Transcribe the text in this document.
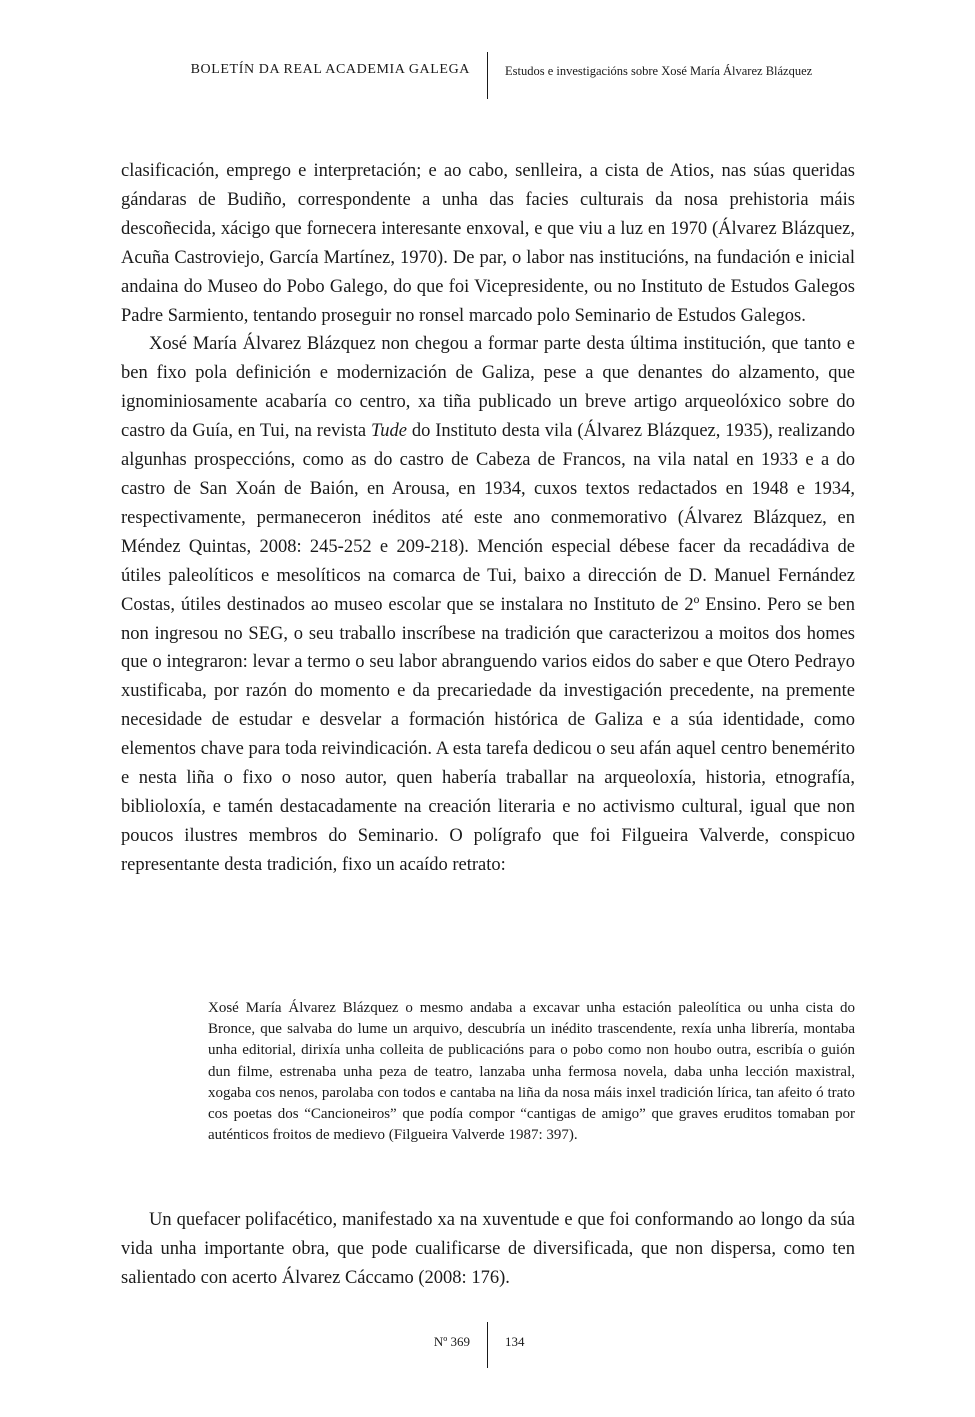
BOLETÍN DA REAL ACADEMIA GALEGA	Estudos e investigacións sobre Xosé María Álvarez Blázquez

clasificación, emprego e interpretación; e ao cabo, senlleira, a cista de Atios, nas súas queridas gándaras de Budiño, correspondente a unha das facies culturais da nosa prehistoria máis descoñecida, xácigo que fornecera interesante enxoval, e que viu a luz en 1970 (Álvarez Blázquez, Acuña Castroviejo, García Martínez, 1970). De par, o labor nas institucións, na fundación e inicial andaina do Museo do Pobo Galego, do que foi Vicepresidente, ou no Instituto de Estudos Galegos Padre Sarmiento, tentando proseguir no ronsel marcado polo Seminario de Estudos Galegos.

Xosé María Álvarez Blázquez non chegou a formar parte desta última institución, que tanto e ben fixo pola definición e modernización de Galiza, pese a que denantes do alzamento, que ignominiosamente acabaría co centro, xa tiña publicado un breve artigo arqueolóxico sobre do castro da Guía, en Tui, na revista Tude do Instituto desta vila (Álvarez Blázquez, 1935), realizando algunhas prospeccións, como as do castro de Cabeza de Francos, na vila natal en 1933 e a do castro de San Xoán de Baión, en Arousa, en 1934, cuxos textos redactados en 1948 e 1934, respectivamente, permaneceron inéditos até este ano conmemorativo (Álvarez Blázquez, en Méndez Quintas, 2008: 245-252 e 209-218). Mención especial débese facer da recadádiva de útiles paleolíticos e mesolíticos na comarca de Tui, baixo a dirección de D. Manuel Fernández Costas, útiles destinados ao museo escolar que se instalara no Instituto de 2º Ensino. Pero se ben non ingresou no SEG, o seu traballo inscríbese na tradición que caracterizou a moitos dos homes que o integraron: levar a termo o seu labor abranguendo varios eidos do saber e que Otero Pedrayo xustificaba, por razón do momento e da precariedade da investigación precedente, na premente necesidade de estudar e desvelar a formación histórica de Galiza e a súa identidade, como elementos chave para toda reivindicación. A esta tarefa dedicou o seu afán aquel centro benemérito e nesta liña o fixo o noso autor, quen habería traballar na arqueoloxía, historia, etnografía, biblioloxía, e tamén destacadamente na creación literaria e no activismo cultural, igual que non poucos ilustres membros do Seminario. O polígrafo que foi Filgueira Valverde, conspicuo representante desta tradición, fixo un acaído retrato:

Xosé María Álvarez Blázquez o mesmo andaba a excavar unha estación paleolítica ou unha cista do Bronce, que salvaba do lume un arquivo, descubría un inédito trascendente, rexía unha librería, montaba unha editorial, dirixía unha colleita de publicacións para o pobo como non houbo outra, escribía o guión dun filme, estrenaba unha peza de teatro, lanzaba unha fermosa novela, daba unha lección maxistral, xogaba cos nenos, parolaba con todos e cantaba na liña da nosa máis inxel tradición lírica, tan afeito ó trato cos poetas dos “Cancioneiros” que podía compor “cantigas de amigo” que graves eruditos tomaban por auténticos froitos de medievo (Filgueira Valverde 1987: 397).

Un quefacer polifacético, manifestado xa na xuventude e que foi conformando ao longo da súa vida unha importante obra, que pode cualificarse de diversificada, que non dispersa, como ten salientado con acerto Álvarez Cáccamo (2008: 176).

Nº 369	134
